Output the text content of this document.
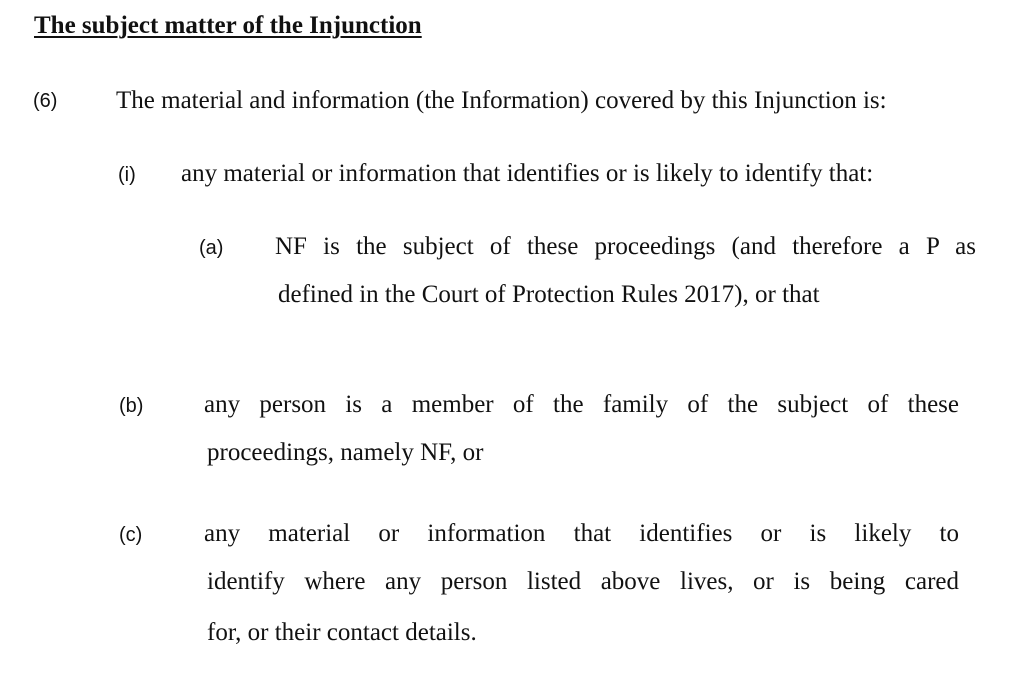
The subject matter of the Injunction
(6) The material and information (the Information) covered by this Injunction is:
(i) any material or information that identifies or is likely to identify that:
(a) NF is the subject of these proceedings (and therefore a P as
defined in the Court of Protection Rules 2017), or that
(b) any person is a member of the family of the subject of these
proceedings, namely NF, or
(c) any material or information that identifies or is likely to
identify where any person listed above lives, or is being cared
for, or their contact details.
